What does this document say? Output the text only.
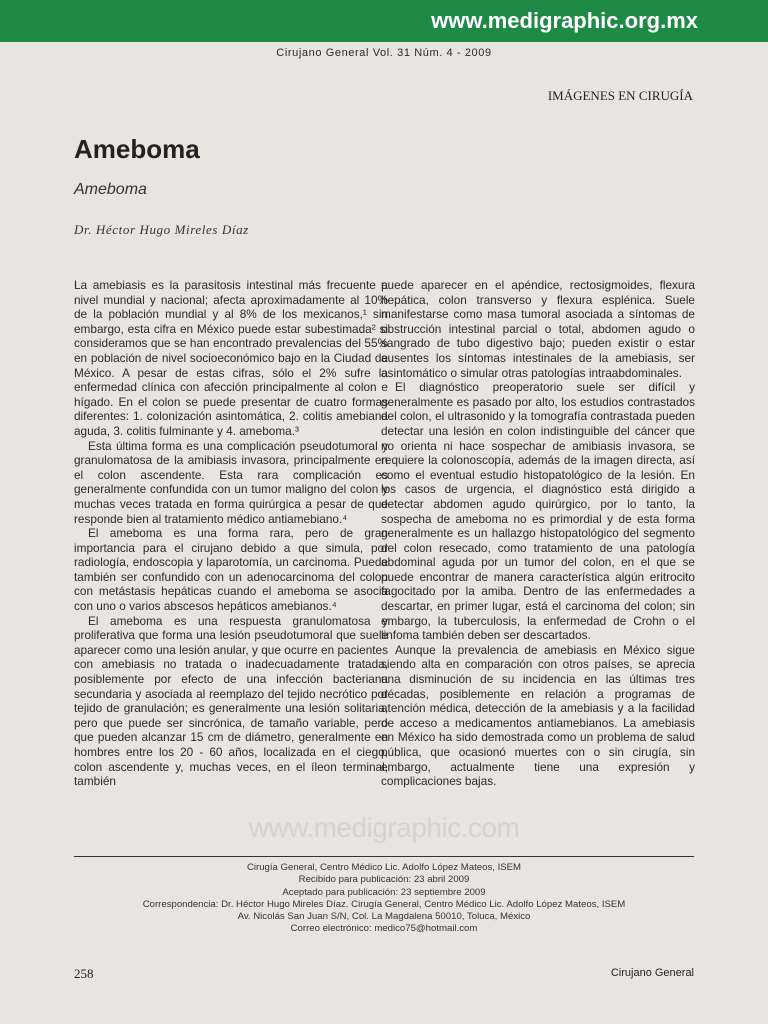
www.medigraphic.org.mx
Cirujano General Vol. 31 Núm. 4 - 2009
IMÁGENES EN CIRUGÍA
Ameboma
Ameboma
Dr. Héctor Hugo Mireles Díaz

La amebiasis es la parasitosis intestinal más frecuente a nivel mundial y nacional; afecta aproximadamente al 10% de la población mundial y al 8% de los mexicanos,¹ sin embargo, esta cifra en México puede estar subestimada² si consideramos que se han encontrado prevalencias del 55% en población de nivel socioeconómico bajo en la Ciudad de México. A pesar de estas cifras, sólo el 2% sufre la enfermedad clínica con afección principalmente al colon e hígado. En el colon se puede presentar de cuatro formas diferentes: 1. colonización asintomática, 2. colitis amebiana aguda, 3. colitis fulminante y 4. ameboma.³

Esta última forma es una complicación pseudotumoral y granulomatosa de la amibiasis invasora, principalmente en el colon ascendente. Esta rara complicación es generalmente confundida con un tumor maligno del colon y muchas veces tratada en forma quirúrgica a pesar de que responde bien al tratamiento médico antiamebiano.⁴

El ameboma es una forma rara, pero de gran importancia para el cirujano debido a que simula, por radiología, endoscopia y laparotomía, un carcinoma. Puede también ser confundido con un adenocarcinoma del colon con metástasis hepáticas cuando el ameboma se asocia con uno o varios abscesos hepáticos amebianos.⁴

El ameboma es una respuesta granulomatosa y proliferativa que forma una lesión pseudotumoral que suele aparecer como una lesión anular, y que ocurre en pacientes con amebiasis no tratada o inadecuadamente tratada, posiblemente por efecto de una infección bacteriana secundaria y asociada al reemplazo del tejido necrótico por tejido de granulación; es generalmente una lesión solitaria, pero que puede ser sincrónica, de tamaño variable, pero que pueden alcanzar 15 cm de diámetro, generalmente en hombres entre los 20 - 60 años, localizada en el ciego, colon ascendente y, muchas veces, en el íleon terminal, también

puede aparecer en el apéndice, rectosigmoides, flexura hepática, colon transverso y flexura esplénica. Suele manifestarse como masa tumoral asociada a síntomas de obstrucción intestinal parcial o total, abdomen agudo o sangrado de tubo digestivo bajo; pueden existir o estar ausentes los síntomas intestinales de la amebiasis, ser asintomático o simular otras patologías intraabdominales.

El diagnóstico preoperatorio suele ser difícil y generalmente es pasado por alto, los estudios contrastados del colon, el ultrasonido y la tomografía contrastada pueden detectar una lesión en colon indistinguible del cáncer que no orienta ni hace sospechar de amibiasis invasora, se requiere la colonoscopía, además de la imagen directa, así como el eventual estudio histopatológico de la lesión. En los casos de urgencia, el diagnóstico está dirigido a detectar abdomen agudo quirúrgico, por lo tanto, la sospecha de ameboma no es primordial y de esta forma generalmente es un hallazgo histopatológico del segmento del colon resecado, como tratamiento de una patología abdominal aguda por un tumor del colon, en el que se puede encontrar de manera característica algún eritrocito fagocitado por la amiba. Dentro de las enfermedades a descartar, en primer lugar, está el carcinoma del colon; sin embargo, la tuberculosis, la enfermedad de Crohn o el linfoma también deben ser descartados.

Aunque la prevalencia de amebiasis en México sigue siendo alta en comparación con otros países, se aprecia una disminución de su incidencia en las últimas tres décadas, posiblemente en relación a programas de atención médica, detección de la amebiasis y a la facilidad de acceso a medicamentos antiamebianos. La amebiasis en México ha sido demostrada como un problema de salud pública, que ocasionó muertes con o sin cirugía, sin embargo, actualmente tiene una expresión y complicaciones bajas.

www.medigraphic.com
Cirugía General, Centro Médico Lic. Adolfo López Mateos, ISEM
Recibido para publicación: 23 abril 2009
Aceptado para publicación: 23 septiembre 2009
Correspondencia: Dr. Héctor Hugo Mireles Díaz. Cirugía General, Centro Médico Lic. Adolfo López Mateos, ISEM
Av. Nicolás San Juan S/N, Col. La Magdalena 50010, Toluca, México
Correo electrónico: medico75@hotmail.com
258	Cirujano General
